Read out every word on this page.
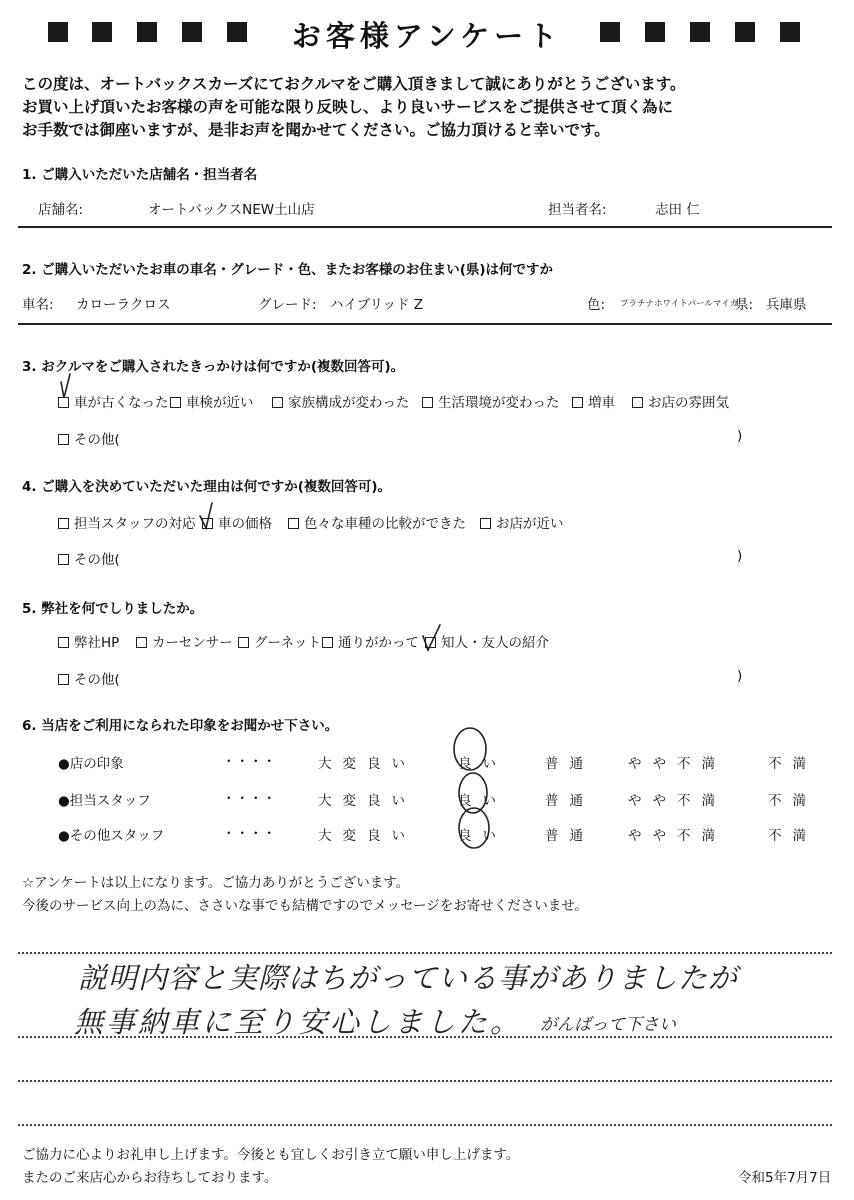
お客様アンケート
この度は、オートバックスカーズにておクルマをご購入頂きまして誠にありがとうございます。
お買い上げ頂いたお客様の声を可能な限り反映し、より良いサービスをご提供させて頂く為に
お手数では御座いますが、是非お声を聞かせてください。ご協力頂けると幸いです。
1. ご購入いただいた店舗名・担当者名
店舗名:	オートバックスNEW土山店	担当者名:	志田 仁
2. ご購入いただいたお車の車名・グレード・色、またお客様のお住まい(県)は何ですか
車名: カローラクロス	グレード: ハイブリッド Z	色: プラチナホワイトパールマイカ
県: 兵庫県
3. おクルマをご購入されたきっかけは何ですか(複数回答可)。
車が古くなった	車検が近い	家族構成が変わった	生活環境が変わった	増車	お店の雰囲気
その他(	)
4. ご購入を決めていただいた理由は何ですか(複数回答可)。
担当スタッフの対応	車の価格	色々な車種の比較ができた	お店が近い
その他(	)
5. 弊社を何でしりましたか。
弊社HP	カーセンサー	グーネット	通りがかって	知人・友人の紹介
その他(	)
6. 当店をご利用になられた印象をお聞かせ下さい。
●店の印象	・・・・	大変良い	良い	普通	やや不満	不満
●担当スタッフ	・・・・	大変良い	良い	普通	やや不満	不満
●その他スタッフ	・・・・	大変良い	良い	普通	やや不満	不満
☆アンケートは以上になります。ご協力ありがとうございます。
今後のサービス向上の為に、ささいな事でも結構ですのでメッセージをお寄せくださいませ。
説明内容と実際はちがっている事がありましたが
無事納車に至り安心しました。 がんばって下さい
ご協力に心よりお礼申し上げます。今後とも宜しくお引き立て願い申し上げます。
またのご来店心からお待ちしております。	令和5年7月7日
